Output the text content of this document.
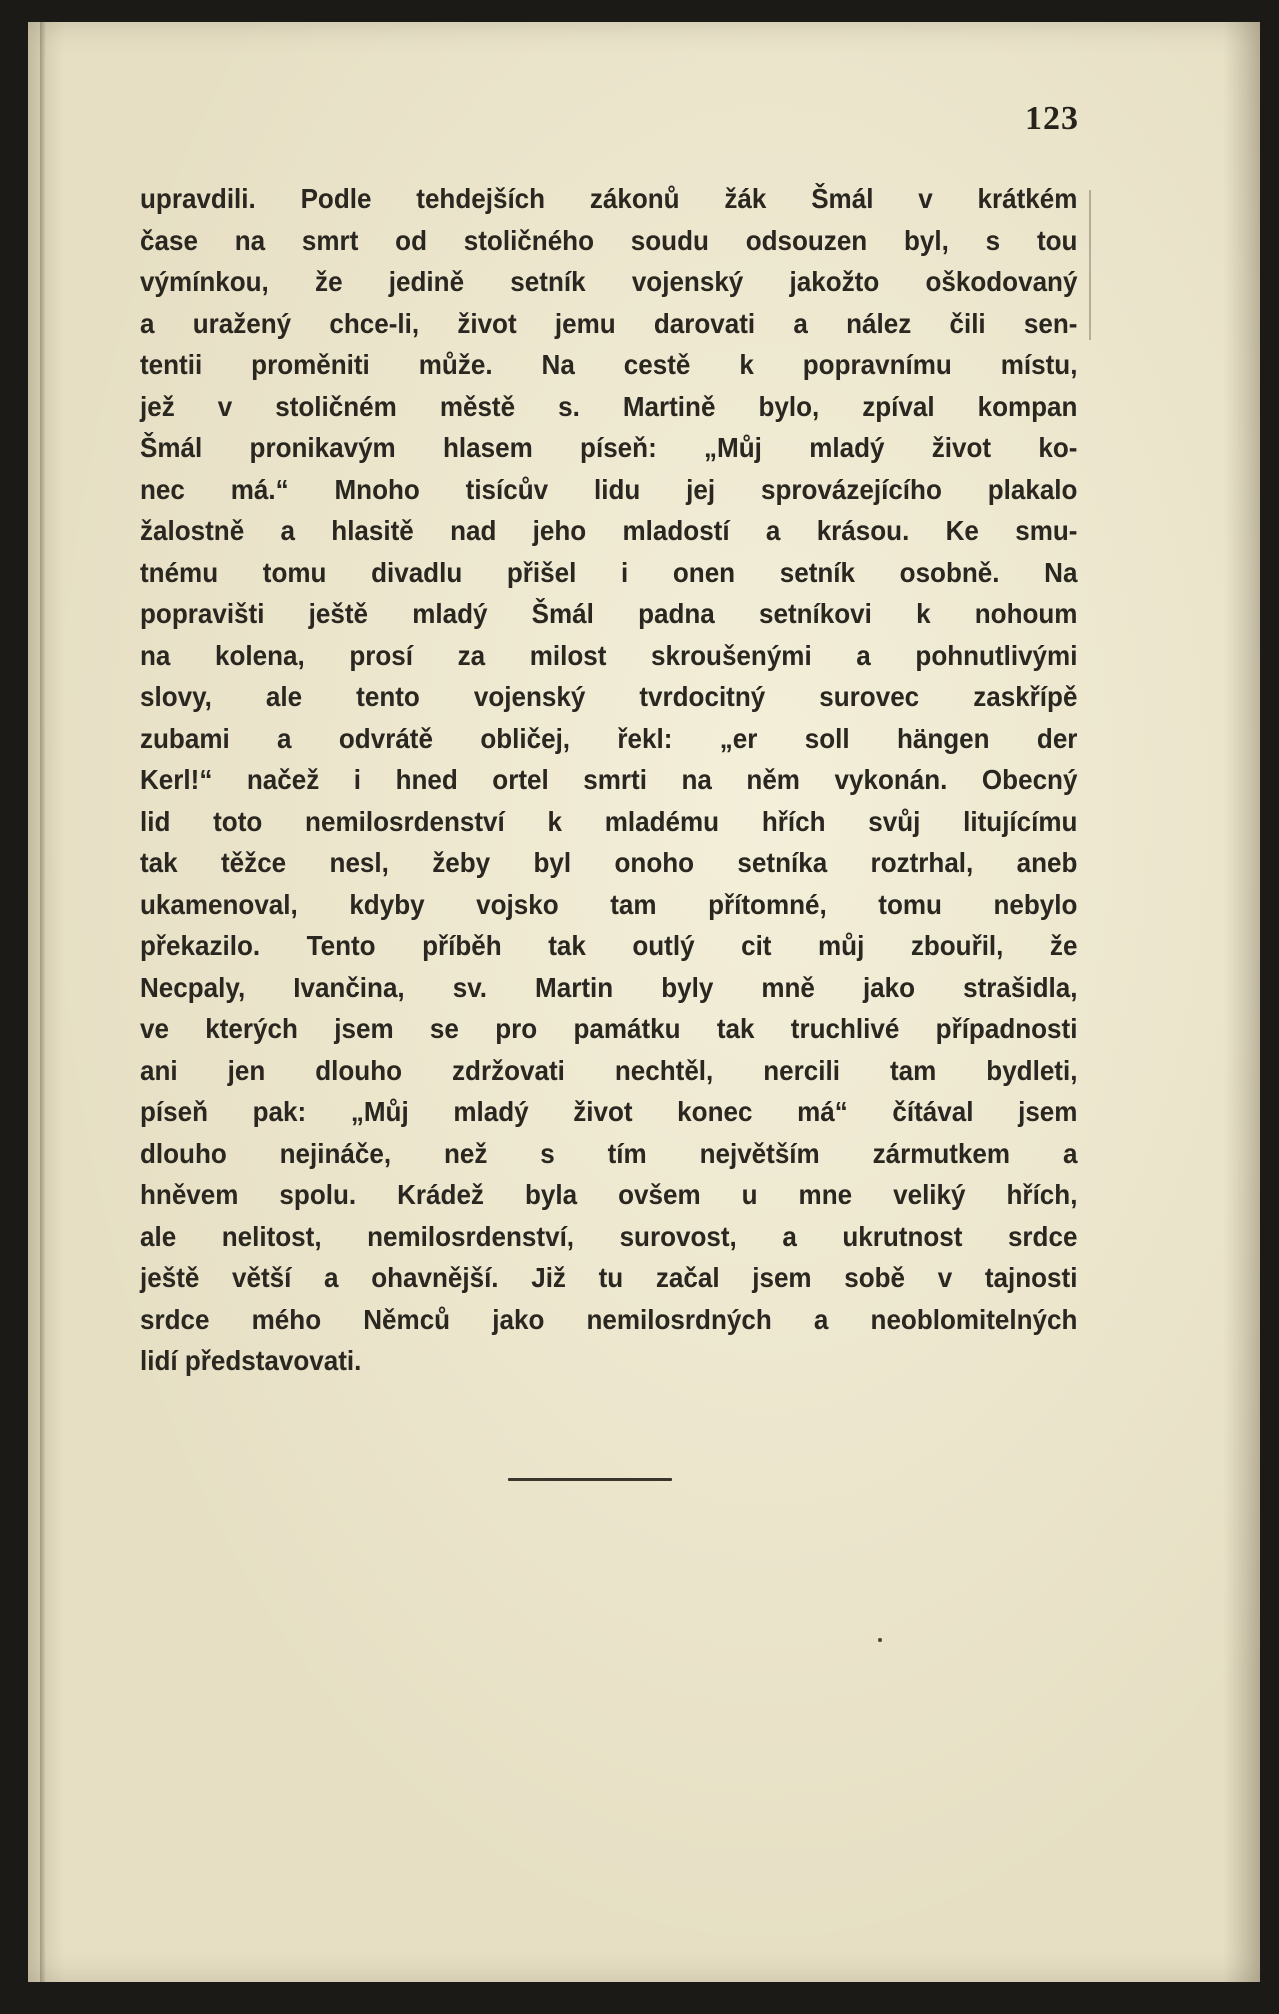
123
upravdili. Podle tehdejších zákonů žák Šmál v krátkém
čase na smrt od stoličného soudu odsouzen byl, s tou
výmínkou, že jedině setník vojenský jakožto oškodovaný
a uražený chce-li, život jemu darovati a nález čili sen-
tentii proměniti může. Na cestě k popravnímu místu,
jež v stoličném městě s. Martině bylo, zpíval kompan
Šmál pronikavým hlasem píseň: „Můj mladý život ko-
nec má.“ Mnoho tisícův lidu jej sprovázejícího plakalo
žalostně a hlasitě nad jeho mladostí a krásou. Ke smu-
tnému tomu divadlu přišel i onen setník osobně. Na
popravišti ještě mladý Šmál padna setníkovi k nohoum
na kolena, prosí za milost skroušenými a pohnutlivými
slovy, ale tento vojenský tvrdocitný surovec zaskřípě
zubami a odvrátě obličej, řekl: „er soll hängen der
Kerl!“ načež i hned ortel smrti na něm vykonán. Obecný
lid toto nemilosrdenství k mladému hřích svůj litujícímu
tak těžce nesl, žeby byl onoho setníka roztrhal, aneb
ukamenoval, kdyby vojsko tam přítomné, tomu nebylo
překazilo. Tento příběh tak outlý cit můj zbouřil, že
Necpaly, Ivančina, sv. Martin byly mně jako strašidla,
ve kterých jsem se pro památku tak truchlivé případnosti
ani jen dlouho zdržovati nechtěl, nercili tam bydleti,
píseň pak: „Můj mladý život konec má“ čítával jsem
dlouho nejináče, než s tím největším zármutkem a
hněvem spolu. Krádež byla ovšem u mne veliký hřích,
ale nelitost, nemilosrdenství, surovost, a ukrutnost srdce
ještě větší a ohavnější. Již tu začal jsem sobě v tajnosti
srdce mého Němců jako nemilosrdných a neoblomitelných
lidí představovati.
